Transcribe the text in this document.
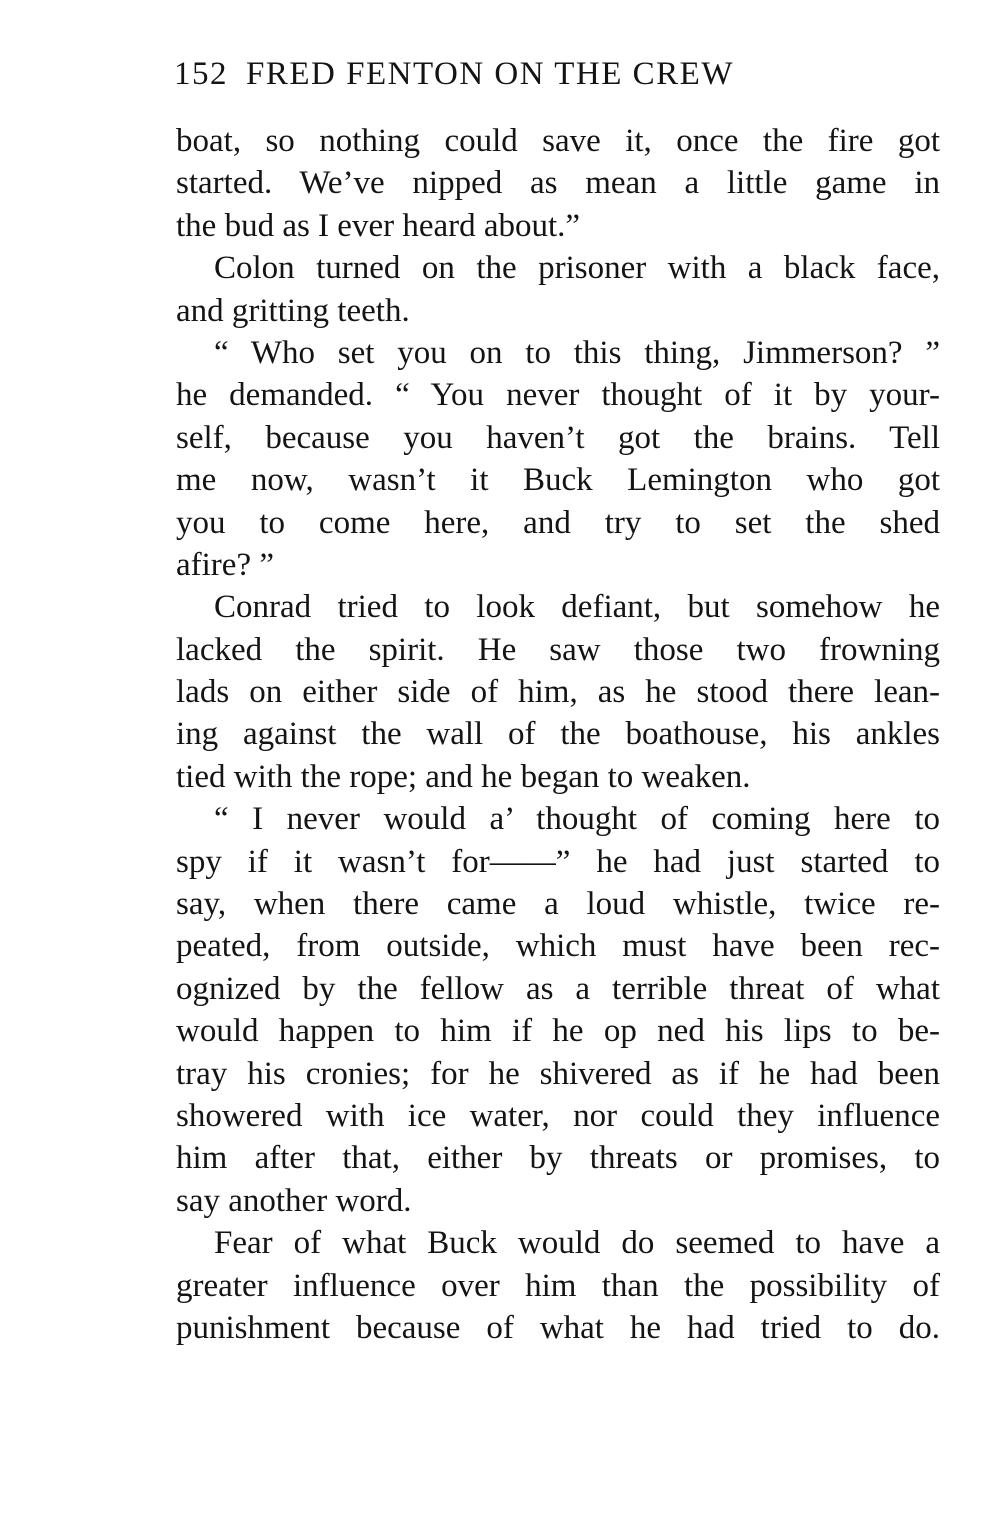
152 FRED FENTON ON THE CREW
boat, so nothing could save it, once the fire got
started. We’ve nipped as mean a little game in
the bud as I ever heard about.”
Colon turned on the prisoner with a black face,
and gritting teeth.
“ Who set you on to this thing, Jimmerson? ”
he demanded. “ You never thought of it by your-
self, because you haven’t got the brains. Tell
me now, wasn’t it Buck Lemington who got
you to come here, and try to set the shed
afire? ”
Conrad tried to look defiant, but somehow he
lacked the spirit. He saw those two frowning
lads on either side of him, as he stood there lean-
ing against the wall of the boathouse, his ankles
tied with the rope; and he began to weaken.
“ I never would a’ thought of coming here to
spy if it wasn’t for——” he had just started to
say, when there came a loud whistle, twice re-
peated, from outside, which must have been rec-
ognized by the fellow as a terrible threat of what
would happen to him if he op ned his lips to be-
tray his cronies; for he shivered as if he had been
showered with ice water, nor could they influence
him after that, either by threats or promises, to
say another word.
Fear of what Buck would do seemed to have a
greater influence over him than the possibility of
punishment because of what he had tried to do.
